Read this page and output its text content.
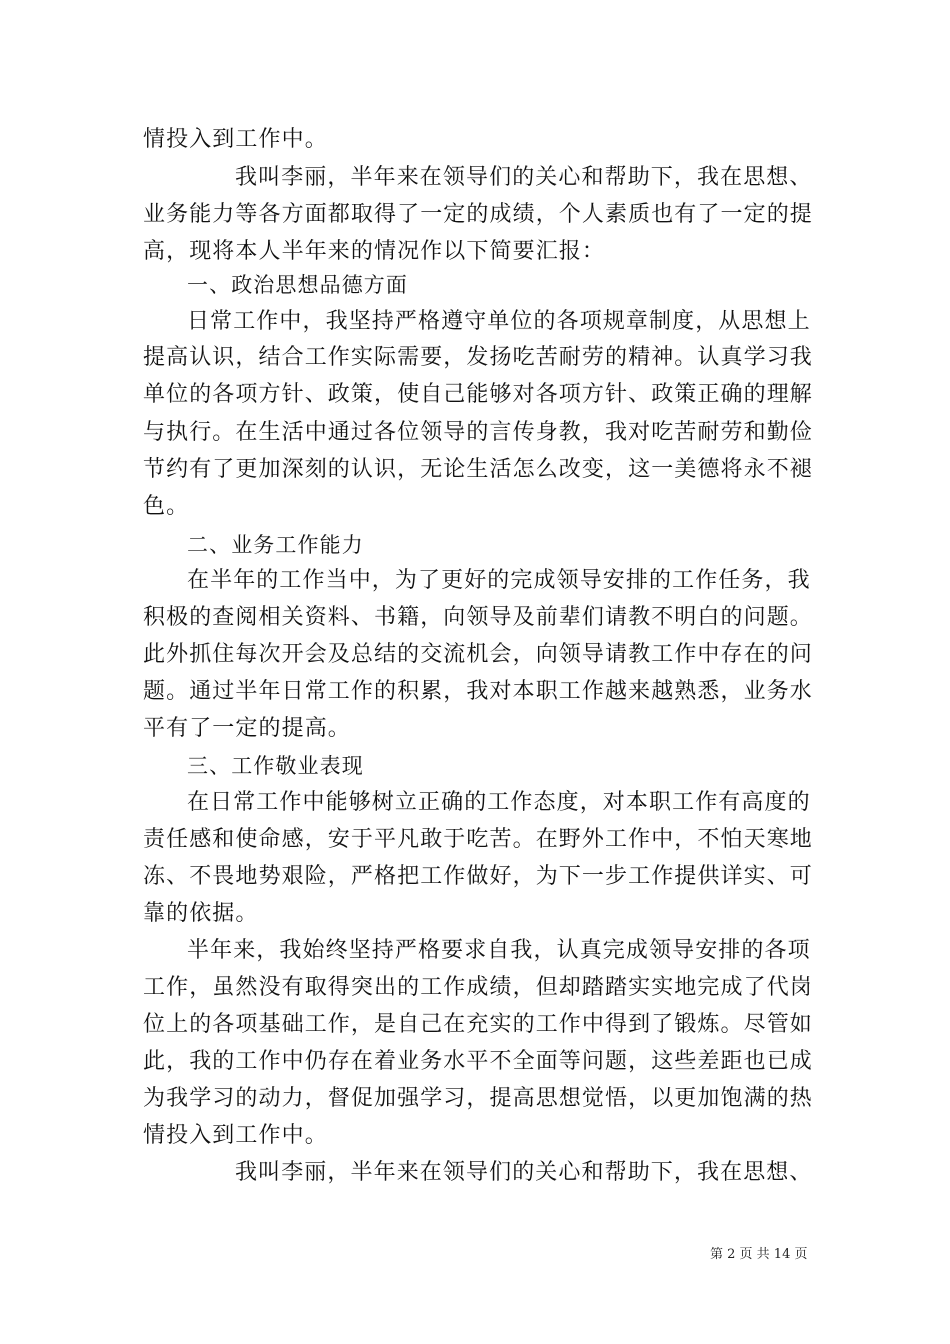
情投入到工作中。
我叫李丽，半年来在领导们的关心和帮助下，我在思想、
业务能力等各方面都取得了一定的成绩，个人素质也有了一定的提
高，现将本人半年来的情况作以下简要汇报：
一、政治思想品德方面
日常工作中，我坚持严格遵守单位的各项规章制度，从思想上
提高认识，结合工作实际需要，发扬吃苦耐劳的精神。认真学习我
单位的各项方针、政策，使自己能够对各项方针、政策正确的理解
与执行。在生活中通过各位领导的言传身教，我对吃苦耐劳和勤俭
节约有了更加深刻的认识，无论生活怎么改变，这一美德将永不褪
色。
二、业务工作能力
在半年的工作当中，为了更好的完成领导安排的工作任务，我
积极的查阅相关资料、书籍，向领导及前辈们请教不明白的问题。
此外抓住每次开会及总结的交流机会，向领导请教工作中存在的问
题。通过半年日常工作的积累，我对本职工作越来越熟悉，业务水
平有了一定的提高。
三、工作敬业表现
在日常工作中能够树立正确的工作态度，对本职工作有高度的
责任感和使命感，安于平凡敢于吃苦。在野外工作中，不怕天寒地
冻、不畏地势艰险，严格把工作做好，为下一步工作提供详实、可
靠的依据。
半年来，我始终坚持严格要求自我，认真完成领导安排的各项
工作，虽然没有取得突出的工作成绩，但却踏踏实实地完成了代岗
位上的各项基础工作，是自己在充实的工作中得到了锻炼。尽管如
此，我的工作中仍存在着业务水平不全面等问题，这些差距也已成
为我学习的动力，督促加强学习，提高思想觉悟，以更加饱满的热
情投入到工作中。
我叫李丽，半年来在领导们的关心和帮助下，我在思想、
第 2 页 共 14 页
